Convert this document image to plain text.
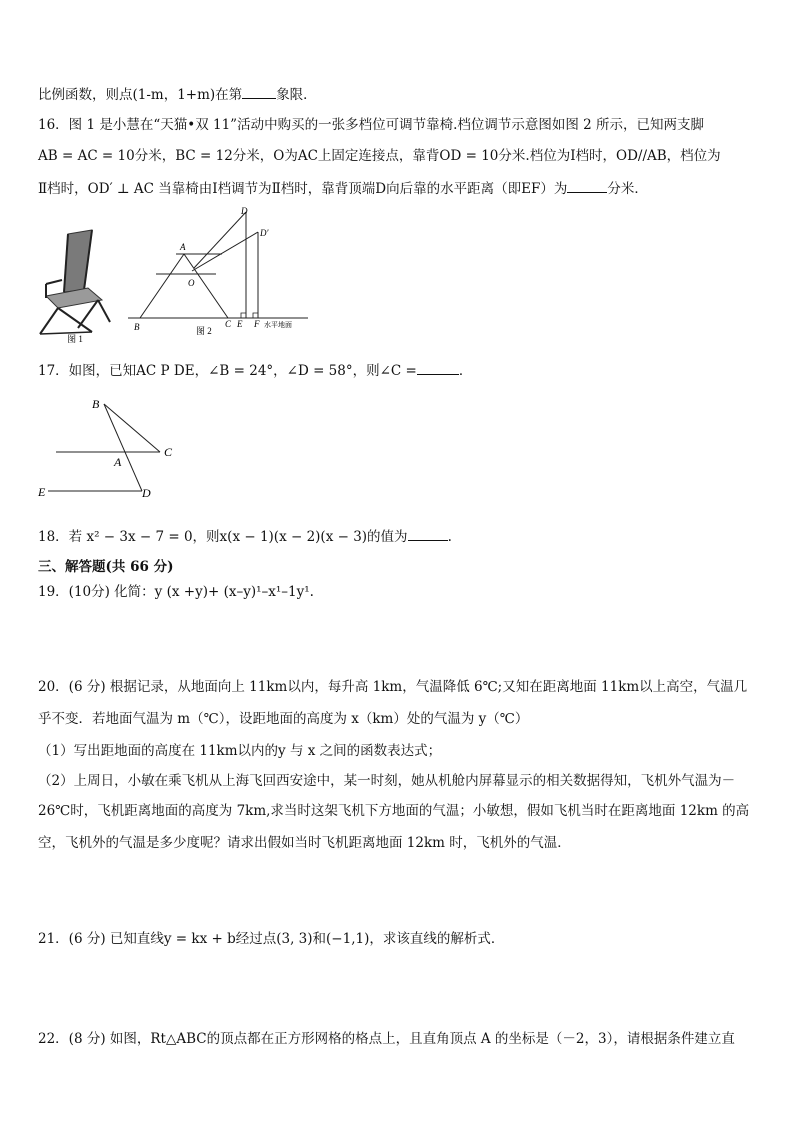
比例函数，则点(1-m，1+m)在第	象限．
16．图 1 是小慧在“天猫•双 11”活动中购买的一张多档位可调节靠椅.档位调节示意图如图 2 所示，已知两支脚
AB = AC = 10分米，BC = 12分米，O为AC上固定连接点，靠背OD = 10分米.档位为Ⅰ档时，OD//AB，档位为
Ⅱ档时，OD′ ⊥ AC 当靠椅由Ⅰ档调节为Ⅱ档时，靠背顶端D向后靠的水平距离（即EF）为	分米．
图 1
A
O
B	C
D
D′
E F 水平地面
图 2
17．如图，已知AC P DE，∠B = 24°，∠D = 58°，则∠C =	．
B
C
A
E	D
18．若 x² − 3x − 7 = 0，则x(x − 1)(x − 2)(x − 3)的值为	.
三、解答题(共 66 分)
19．(10分) 化简：y (x +y)+ (x–y)¹–x¹–1y¹.
20．(6 分) 根据记录，从地面向上 11km以内，每升高 1km，气温降低 6℃;又知在距离地面 11km以上高空，气温几
乎不变．若地面气温为 m（℃），设距地面的高度为 x（km）处的气温为 y（℃）
（1）写出距地面的高度在 11km以内的y 与 x 之间的函数表达式；
（2）上周日，小敏在乘飞机从上海飞回西安途中，某一时刻，她从机舱内屏幕显示的相关数据得知，飞机外气温为－
26℃时，飞机距离地面的高度为 7km,求当时这架飞机下方地面的气温；小敏想，假如飞机当时在距离地面 12km 的高
空，飞机外的气温是多少度呢？请求出假如当时飞机距离地面 12km 时，飞机外的气温．
21．(6 分) 已知直线y = kx + b经过点(3, 3)和(−1,1)，求该直线的解析式．
22．(8 分) 如图，Rt△ABC的顶点都在正方形网格的格点上，且直角顶点 A 的坐标是（－2，3），请根据条件建立直
